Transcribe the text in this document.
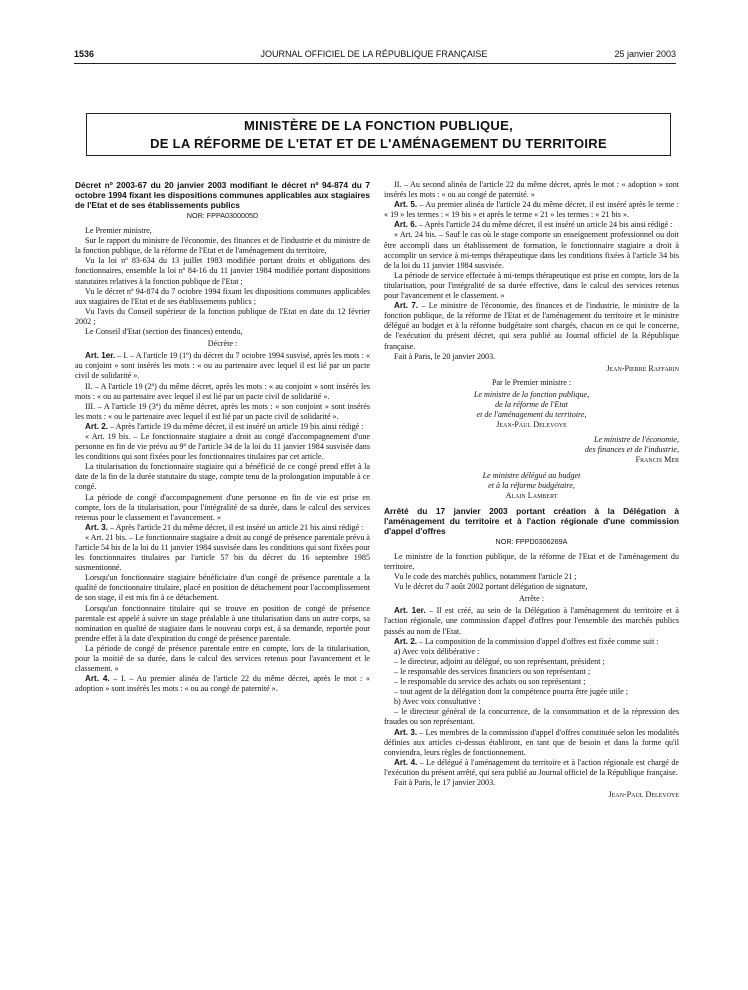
1536	JOURNAL OFFICIEL DE LA RÉPUBLIQUE FRANÇAISE	25 janvier 2003
MINISTÈRE DE LA FONCTION PUBLIQUE,
DE LA RÉFORME DE L'ETAT ET DE L'AMÉNAGEMENT DU TERRITOIRE

Décret nº 2003-67 du 20 janvier 2003 modifiant le décret nº 94-874 du 7 octobre 1994 fixant les dispositions communes applicables aux stagiaires de l'Etat et de ses établissements publics

NOR: FPPA0300005D

Le Premier ministre,

Sur le rapport du ministre de l'économie, des finances et de l'industrie et du ministre de la fonction publique, de la réforme de l'Etat et de l'aménagement du territoire,

Vu la loi nº 83-634 du 13 juillet 1983 modifiée portant droits et obligations des fonctionnaires, ensemble la loi nº 84-16 du 11 janvier 1984 modifiée portant dispositions statutaires relatives à la fonction publique de l'Etat ;

Vu le décret nº 94-874 du 7 octobre 1994 fixant les dispositions communes applicables aux stagiaires de l'Etat et de ses établissements publics ;

Vu l'avis du Conseil supérieur de la fonction publique de l'Etat en date du 12 février 2002 ;

Le Conseil d'Etat (section des finances) entendu,

Décrète :

Art. 1er. – I. – A l'article 19 (1º) du décret du 7 octobre 1994 susvisé, après les mots : « au conjoint » sont insérés les mots : « ou au partenaire avec lequel il est lié par un pacte civil de solidarité ».

II. – A l'article 19 (2º) du même décret, après les mots : « au conjoint » sont insérés les mots : « ou au partenaire avec lequel il est lié par un pacte civil de solidarité ».

III. – A l'article 19 (3º) du même décret, après les mots : « son conjoint » sont insérés les mots : « ou le partenaire avec lequel il est lié par un pacte civil de solidarité ».

Art. 2. – Après l'article 19 du même décret, il est inséré un article 19 bis ainsi rédigé :

« Art. 19 bis. – Le fonctionnaire stagiaire a droit au congé d'accompagnement d'une personne en fin de vie prévu au 9º de l'article 34 de la loi du 11 janvier 1984 susvisée dans les conditions qui sont fixées pour les fonctionnaires titulaires par cet article.

La titularisation du fonctionnaire stagiaire qui a bénéficié de ce congé prend effet à la date de la fin de la durée statutaire du stage, compte tenu de la prolongation imputable à ce congé.

La période de congé d'accompagnement d'une personne en fin de vie est prise en compte, lors de la titularisation, pour l'intégralité de sa durée, dans le calcul des services retenus pour le classement et l'avancement. »

Art. 3. – Après l'article 21 du même décret, il est inséré un article 21 bis ainsi rédigé :

« Art. 21 bis. – Le fonctionnaire stagiaire a droit au congé de présence parentale prévu à l'article 54 bis de la loi du 11 janvier 1984 susvisée dans les conditions qui sont fixées pour les fonctionnaires titulaires par l'article 57 bis du décret du 16 septembre 1985 susmentionné.

Lorsqu'un fonctionnaire stagiaire bénéficiaire d'un congé de présence parentale a la qualité de fonctionnaire titulaire, placé en position de détachement pour l'accomplissement de son stage, il est mis fin à ce détachement.

Lorsqu'un fonctionnaire titulaire qui se trouve en position de congé de présence parentale est appelé à suivre un stage préalable à une titularisation dans un autre corps, sa nomination en qualité de stagiaire dans le nouveau corps est, à sa demande, reportée pour prendre effet à la date d'expiration du congé de présence parentale.

La période de congé de présence parentale entre en compte, lors de la titularisation, pour la moitié de sa durée, dans le calcul des services retenus pour l'avancement et le classement. »

Art. 4. – I. – Au premier alinéa de l'article 22 du même décret, après le mot : « adoption » sont insérés les mots : « ou au congé de paternité ».

II. – Au second alinéa de l'article 22 du même décret, après le mot : « adoption » sont insérés les mots : « ou au congé de paternité. »

Art. 5. – Au premier alinéa de l'article 24 du même décret, il est inséré après le terme : « 19 » les termes : « 19 bis » et après le terme « 21 » les termes : « 21 bis ».

Art. 6. – Après l'article 24 du même décret, il est inséré un article 24 bis ainsi rédigé :

« Art. 24 bis. – Sauf le cas où le stage comporte un enseignement professionnel ou doit être accompli dans un établissement de formation, le fonctionnaire stagiaire a droit à accomplir un service à mi-temps thérapeutique dans les conditions fixées à l'article 34 bis de la loi du 11 janvier 1984 susvisée.

La période de service effectuée à mi-temps thérapeutique est prise en compte, lors de la titularisation, pour l'intégralité de sa durée effective, dans le calcul des services retenus pour l'avancement et le classement. »

Art. 7. – Le ministre de l'économie, des finances et de l'industrie, le ministre de la fonction publique, de la réforme de l'Etat et de l'aménagement du territoire et le ministre délégué au budget et à la réforme budgétaire sont chargés, chacun en ce qui le concerne, de l'exécution du présent décret, qui sera publié au Journal officiel de la République française.

Fait à Paris, le 20 janvier 2003.

Jean-Pierre Raffarin

Par le Premier ministre :

Le ministre de la fonction publique,

de la réforme de l'Etat

et de l'aménagement du territoire,

Jean-Paul Delevoye

Le ministre de l'économie,

des finances et de l'industrie,

Francis Mer

Le ministre délégué au budget

et à la réforme budgétaire,

Alain Lambert

Arrêté du 17 janvier 2003 portant création à la Délégation à l'aménagement du territoire et à l'action régionale d'une commission d'appel d'offres

NOR: FPPD0306269A

Le ministre de la fonction publique, de la réforme de l'Etat et de l'aménagement du territoire,

Vu le code des marchés publics, notamment l'article 21 ;

Vu le décret du 7 août 2002 portant délégation de signature,

Arrête :

Art. 1er. – Il est créé, au sein de la Délégation à l'aménagement du territoire et à l'action régionale, une commission d'appel d'offres pour l'ensemble des marchés publics passés au nom de l'Etat.

Art. 2. – La composition de la commission d'appel d'offres est fixée comme suit :

a) Avec voix délibérative :

– le directeur, adjoint au délégué, ou son représentant, président ;

– le responsable des services financiers ou son représentant ;

– le responsable du service des achats ou son représentant ;

– tout agent de la délégation dont la compétence pourra être jugée utile ;

b) Avec voix consultative :

– le directeur général de la concurrence, de la consommation et de la répression des fraudes ou son représentant.

Art. 3. – Les membres de la commission d'appel d'offres constituée selon les modalités définies aux articles ci-dessus établiront, en tant que de besoin et dans la forme qu'il conviendra, leurs règles de fonctionnement.

Art. 4. – Le délégué à l'aménagement du territoire et à l'action régionale est chargé de l'exécution du présent arrêté, qui sera publié au Journal officiel de la République française.

Fait à Paris, le 17 janvier 2003.

Jean-Paul Delevoye
